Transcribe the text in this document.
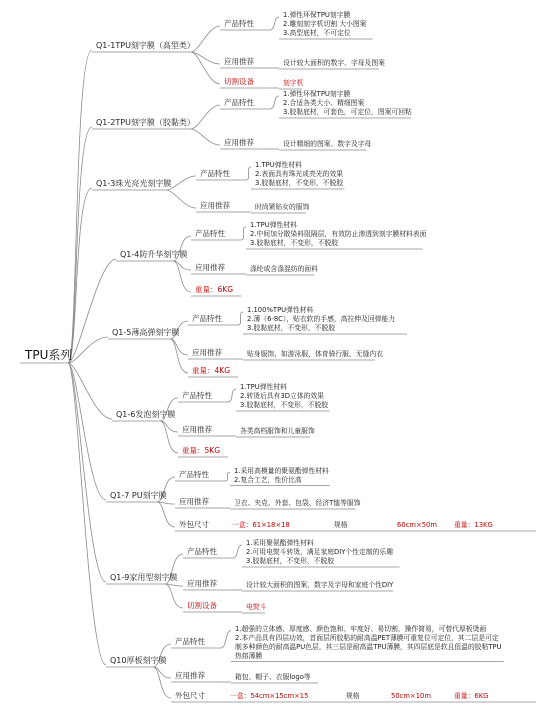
TPU系列
Q1-1TPU刻字膜（高型类）
产品特性
1.弹性环保TPU刻字膜
2.雕刻刻字机切割 大小图案
3.高型底材，不可定位
应用推荐	设计较大面积的数字、字母及图案
切割设备	刻字机
Q1-2TPU刻字膜（胶黏类）
产品特性
1.弹性环保TPU刻字膜
2.合适各类大小、精细图案
3.胶黏底材，可套色，可定位，图案可回粘
应用推荐	设计精细的图案、数字及字母
Q1-3珠光亮光刻字膜
产品特性
1.TPU弹性材料
2.表面具有珠光或亮光的效果
3.胶黏底材，不变形，不脱胶
应用推荐	时尚紧贴女的服饰
Q1-4防升华刻字膜
产品特性
1.TPU弹性材料
2.中间加分散染料阻隔层，有效防止渗透到刻字膜材料表面
3.胶黏底材，不变形，不脱胶
应用推荐	涤纶或含涤混纺的面料
重量：6KG
Q1-5薄高弹刻字膜
产品特性
1.100%TPU弹性材料
2.薄（6-8C），贴衣软的手感，高拉伸及回弹能力
3.胶黏底材，不变形，不脱胶
应用推荐	贴身服饰，如游泳服，体育骑行服，无缝内衣
重量：4KG
Q1-6发泡刻字膜
产品特性
1.TPU弹性材料
2.转烫后具有3D立体的效果
3.胶黏底材，不变形，不脱胶
应用推荐	各类高档服饰和儿童服饰
重量：5KG
Q1-7 PU刻字膜
产品特性	1.采用高模量的聚氨酯弹性材料
2.复合工艺，性价比高
应用推荐	卫衣、夹克、外套、包袋、经济T恤等服饰
外包尺寸	一盒：61×18×18	规格	60cm×50m	重量：13KG
Q1-9家用型刻字膜
产品特性
1.采用聚氨酯弹性材料
2.可用电熨斗转烫，满足家庭DIY个性定制的乐趣
3.胶黏底材，不变形，不脱胶
应用推荐	设计较大面积的图案、数字及字母和家庭个性DIY
切割设备	电熨斗
Q10厚板刻字膜
产品特性
1.超强的立体感、厚度感、颜色饱和、牢度好、易切割、操作简易，可替代厚板烫画
2.本产品具有四层功效，首面层所胶粘的耐高温PET薄膜可重复位可定位，其二层是可定
制多种颜色的耐高温PU色层，其三层是耐高温TPU薄膜，其四层底是软且低温的胶粘TPU
热熔薄膜
应用推荐	箱包、帽子、衣服logo等
外包尺寸	一盒：54cm×15cm×15	规格	50cm×10m	重量：6KG
